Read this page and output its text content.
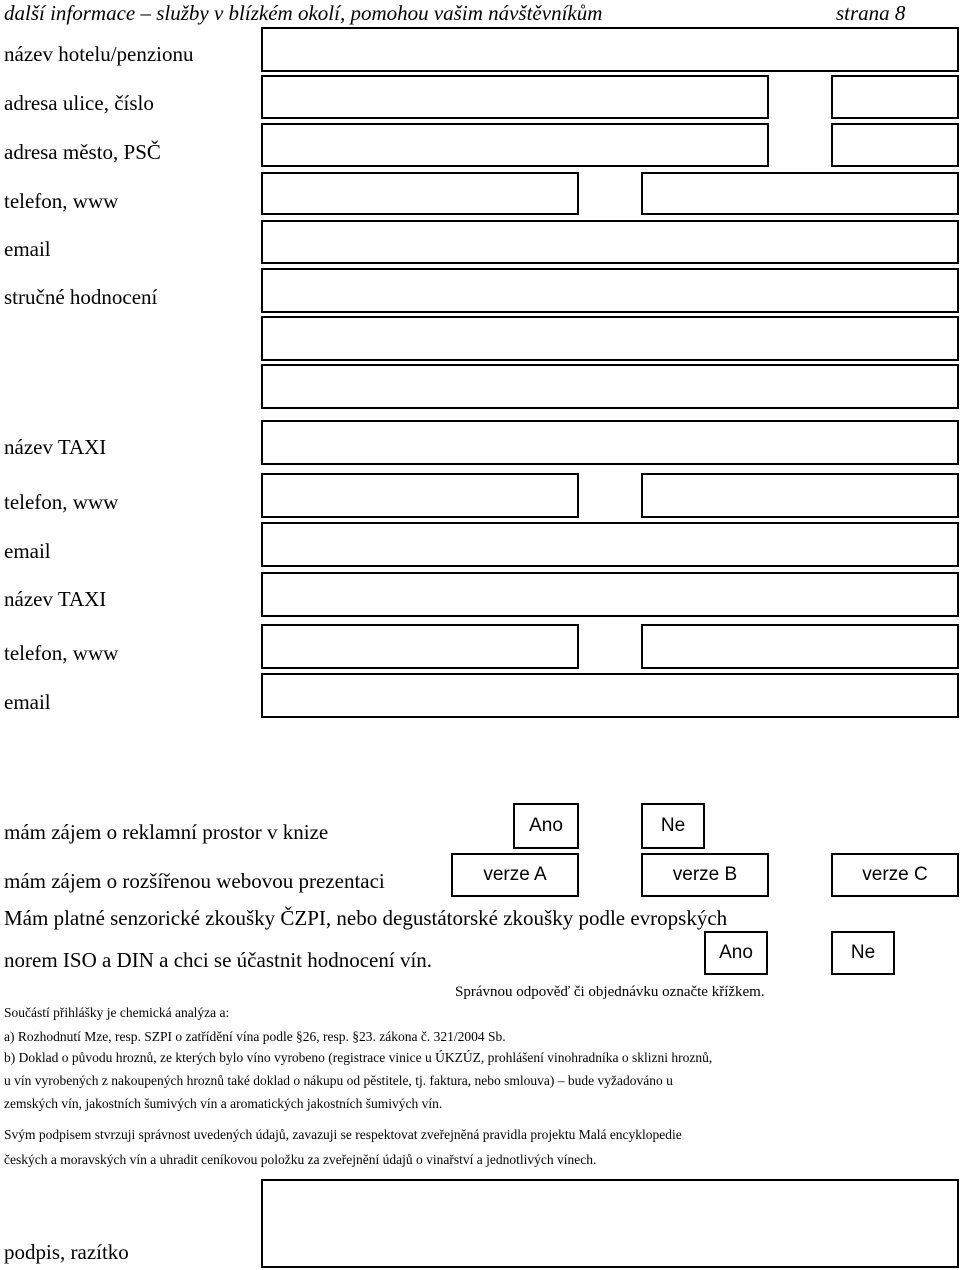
další informace – služby v blízkém okolí, pomohou vašim návštěvníkům	strana 8
název hotelu/penzionu
adresa ulice, číslo
adresa město, PSČ
telefon, www
email
stručné hodnocení
název TAXI
telefon, www
email
název TAXI
telefon, www
email
mám zájem o reklamní prostor v knize	Ano	Ne
mám zájem o rozšířenou webovou prezentaci	verze A	verze B	verze C
Mám platné senzorické zkoušky ČZPI, nebo degustátorské zkoušky podle evropských
norem ISO a DIN a chci se účastnit hodnocení vín.	Ano	Ne
Správnou odpověď či objednávku označte křížkem.
Součástí přihlášky je chemická analýza a:
a) Rozhodnutí Mze, resp. SZPI o zatřídění vína podle §26, resp. §23. zákona č. 321/2004 Sb.
b) Doklad o původu hroznů, ze kterých bylo víno vyrobeno (registrace vinice u ÚKZÚZ, prohlášení vinohradníka o sklizni hroznů,
u vín vyrobených z nakoupených hroznů také doklad o nákupu od pěstitele, tj. faktura, nebo smlouva) – bude vyžadováno u
zemských vín, jakostních šumivých vín a aromatických jakostních šumivých vín.
Svým podpisem stvrzuji správnost uvedených údajů, zavazuji se respektovat zveřejněná pravidla projektu Malá encyklopedie
českých a moravských vín a uhradit ceníkovou položku za zveřejnění údajů o vinařství a jednotlivých vínech.
podpis, razítko
